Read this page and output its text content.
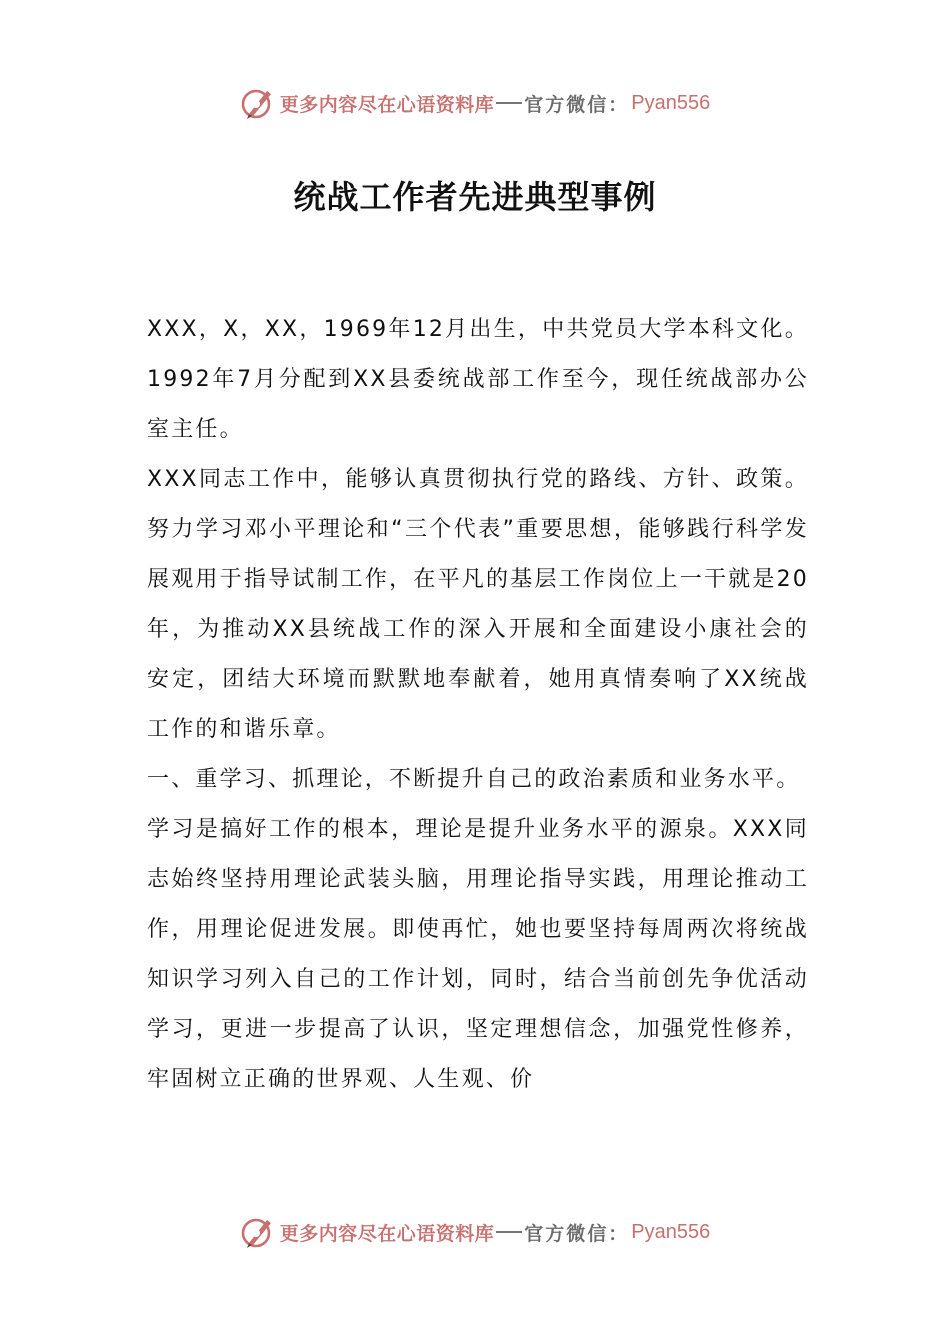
更多内容尽在心语资料库 官方微信： Pyan556
统战工作者先进典型事例

XXX，X，XX，1969年12月出生，中共党员大学本科文化。1992年7月分配到XX县委统战部工作至今，现任统战部办公室主任。

XXX同志工作中，能够认真贯彻执行党的路线、方针、政策。努力学习邓小平理论和“三个代表”重要思想，能够践行科学发展观用于指导试制工作，在平凡的基层工作岗位上一干就是20年，为推动XX县统战工作的深入开展和全面建设小康社会的安定，团结大环境而默默地奉献着，她用真情奏响了XX统战工作的和谐乐章。

一、重学习、抓理论，不断提升自己的政治素质和业务水平。

学习是搞好工作的根本，理论是提升业务水平的源泉。XXX同志始终坚持用理论武装头脑，用理论指导实践，用理论推动工作，用理论促进发展。即使再忙，她也要坚持每周两次将统战知识学习列入自己的工作计划，同时，结合当前创先争优活动学习，更进一步提高了认识，坚定理想信念，加强党性修养，牢固树立正确的世界观、人生观、价

更多内容尽在心语资料库 官方微信： Pyan556
